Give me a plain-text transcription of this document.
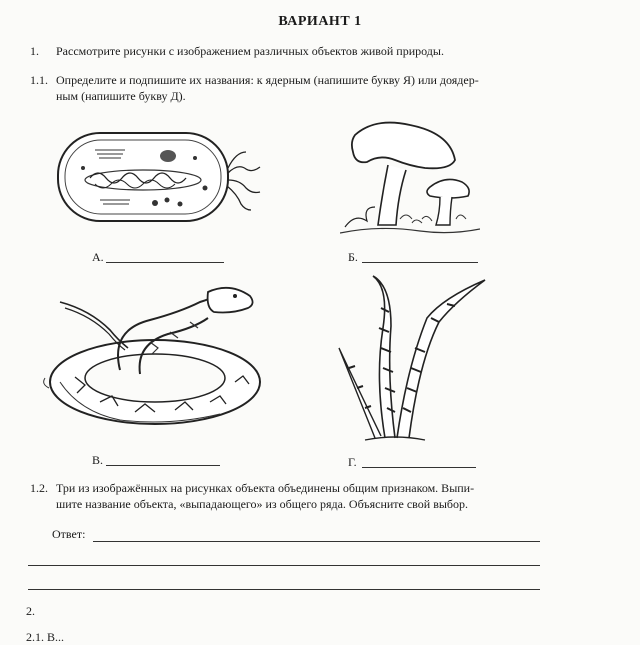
ВАРИАНТ 1
1. Рассмотрите рисунки с изображением различных объектов живой природы.
1.1. Определите и подпишите их названия: к ядерным (напишите букву Я) или доядер-
ным (напишите букву Д).
А.	Б.
В.	Г.
1.2. Три из изображённых на рисунках объекта объединены общим признаком. Выпи-
шите название объекта, «выпадающего» из общего ряда. Объясните свой выбор.
Ответ:
2.
2.1. В...
